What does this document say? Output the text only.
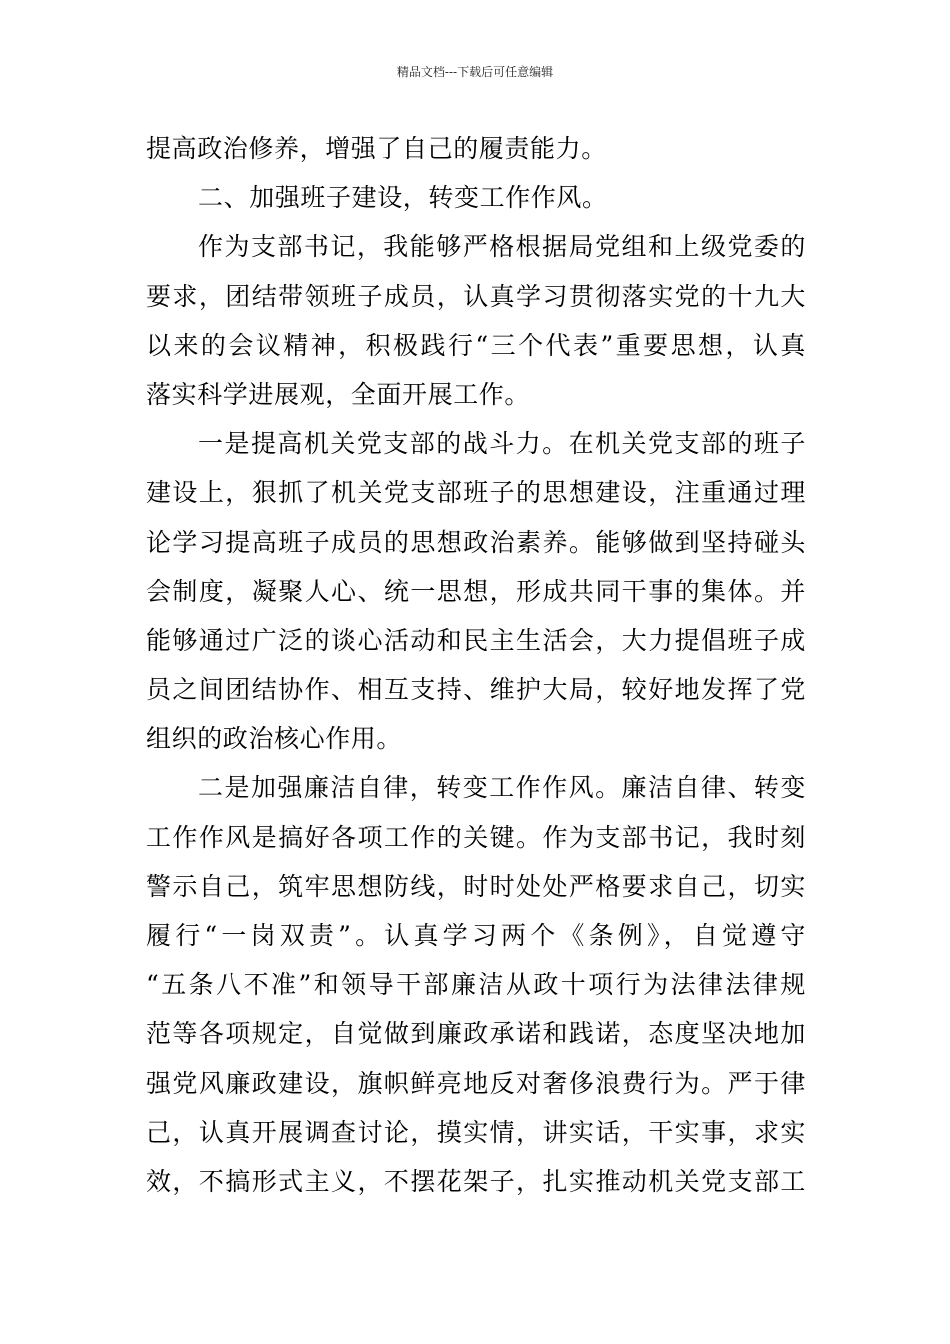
精品文档---下载后可任意编辑
提高政治修养，增强了自己的履责能力。
二、加强班子建设，转变工作作风。
作为支部书记，我能够严格根据局党组和上级党委的
要求，团结带领班子成员，认真学习贯彻落实党的十九大
以来的会议精神，积极践行“三个代表”重要思想，认真
落实科学进展观，全面开展工作。
一是提高机关党支部的战斗力。在机关党支部的班子
建设上，狠抓了机关党支部班子的思想建设，注重通过理
论学习提高班子成员的思想政治素养。能够做到坚持碰头
会制度，凝聚人心、统一思想，形成共同干事的集体。并
能够通过广泛的谈心活动和民主生活会，大力提倡班子成
员之间团结协作、相互支持、维护大局，较好地发挥了党
组织的政治核心作用。
二是加强廉洁自律，转变工作作风。廉洁自律、转变
工作作风是搞好各项工作的关键。作为支部书记，我时刻
警示自己，筑牢思想防线，时时处处严格要求自己，切实
履行“一岗双责”。认真学习两个《条例》，自觉遵守
“五条八不准”和领导干部廉洁从政十项行为法律法律规
范等各项规定，自觉做到廉政承诺和践诺，态度坚决地加
强党风廉政建设，旗帜鲜亮地反对奢侈浪费行为。严于律
己，认真开展调查讨论，摸实情，讲实话，干实事，求实
效，不搞形式主义，不摆花架子，扎实推动机关党支部工
